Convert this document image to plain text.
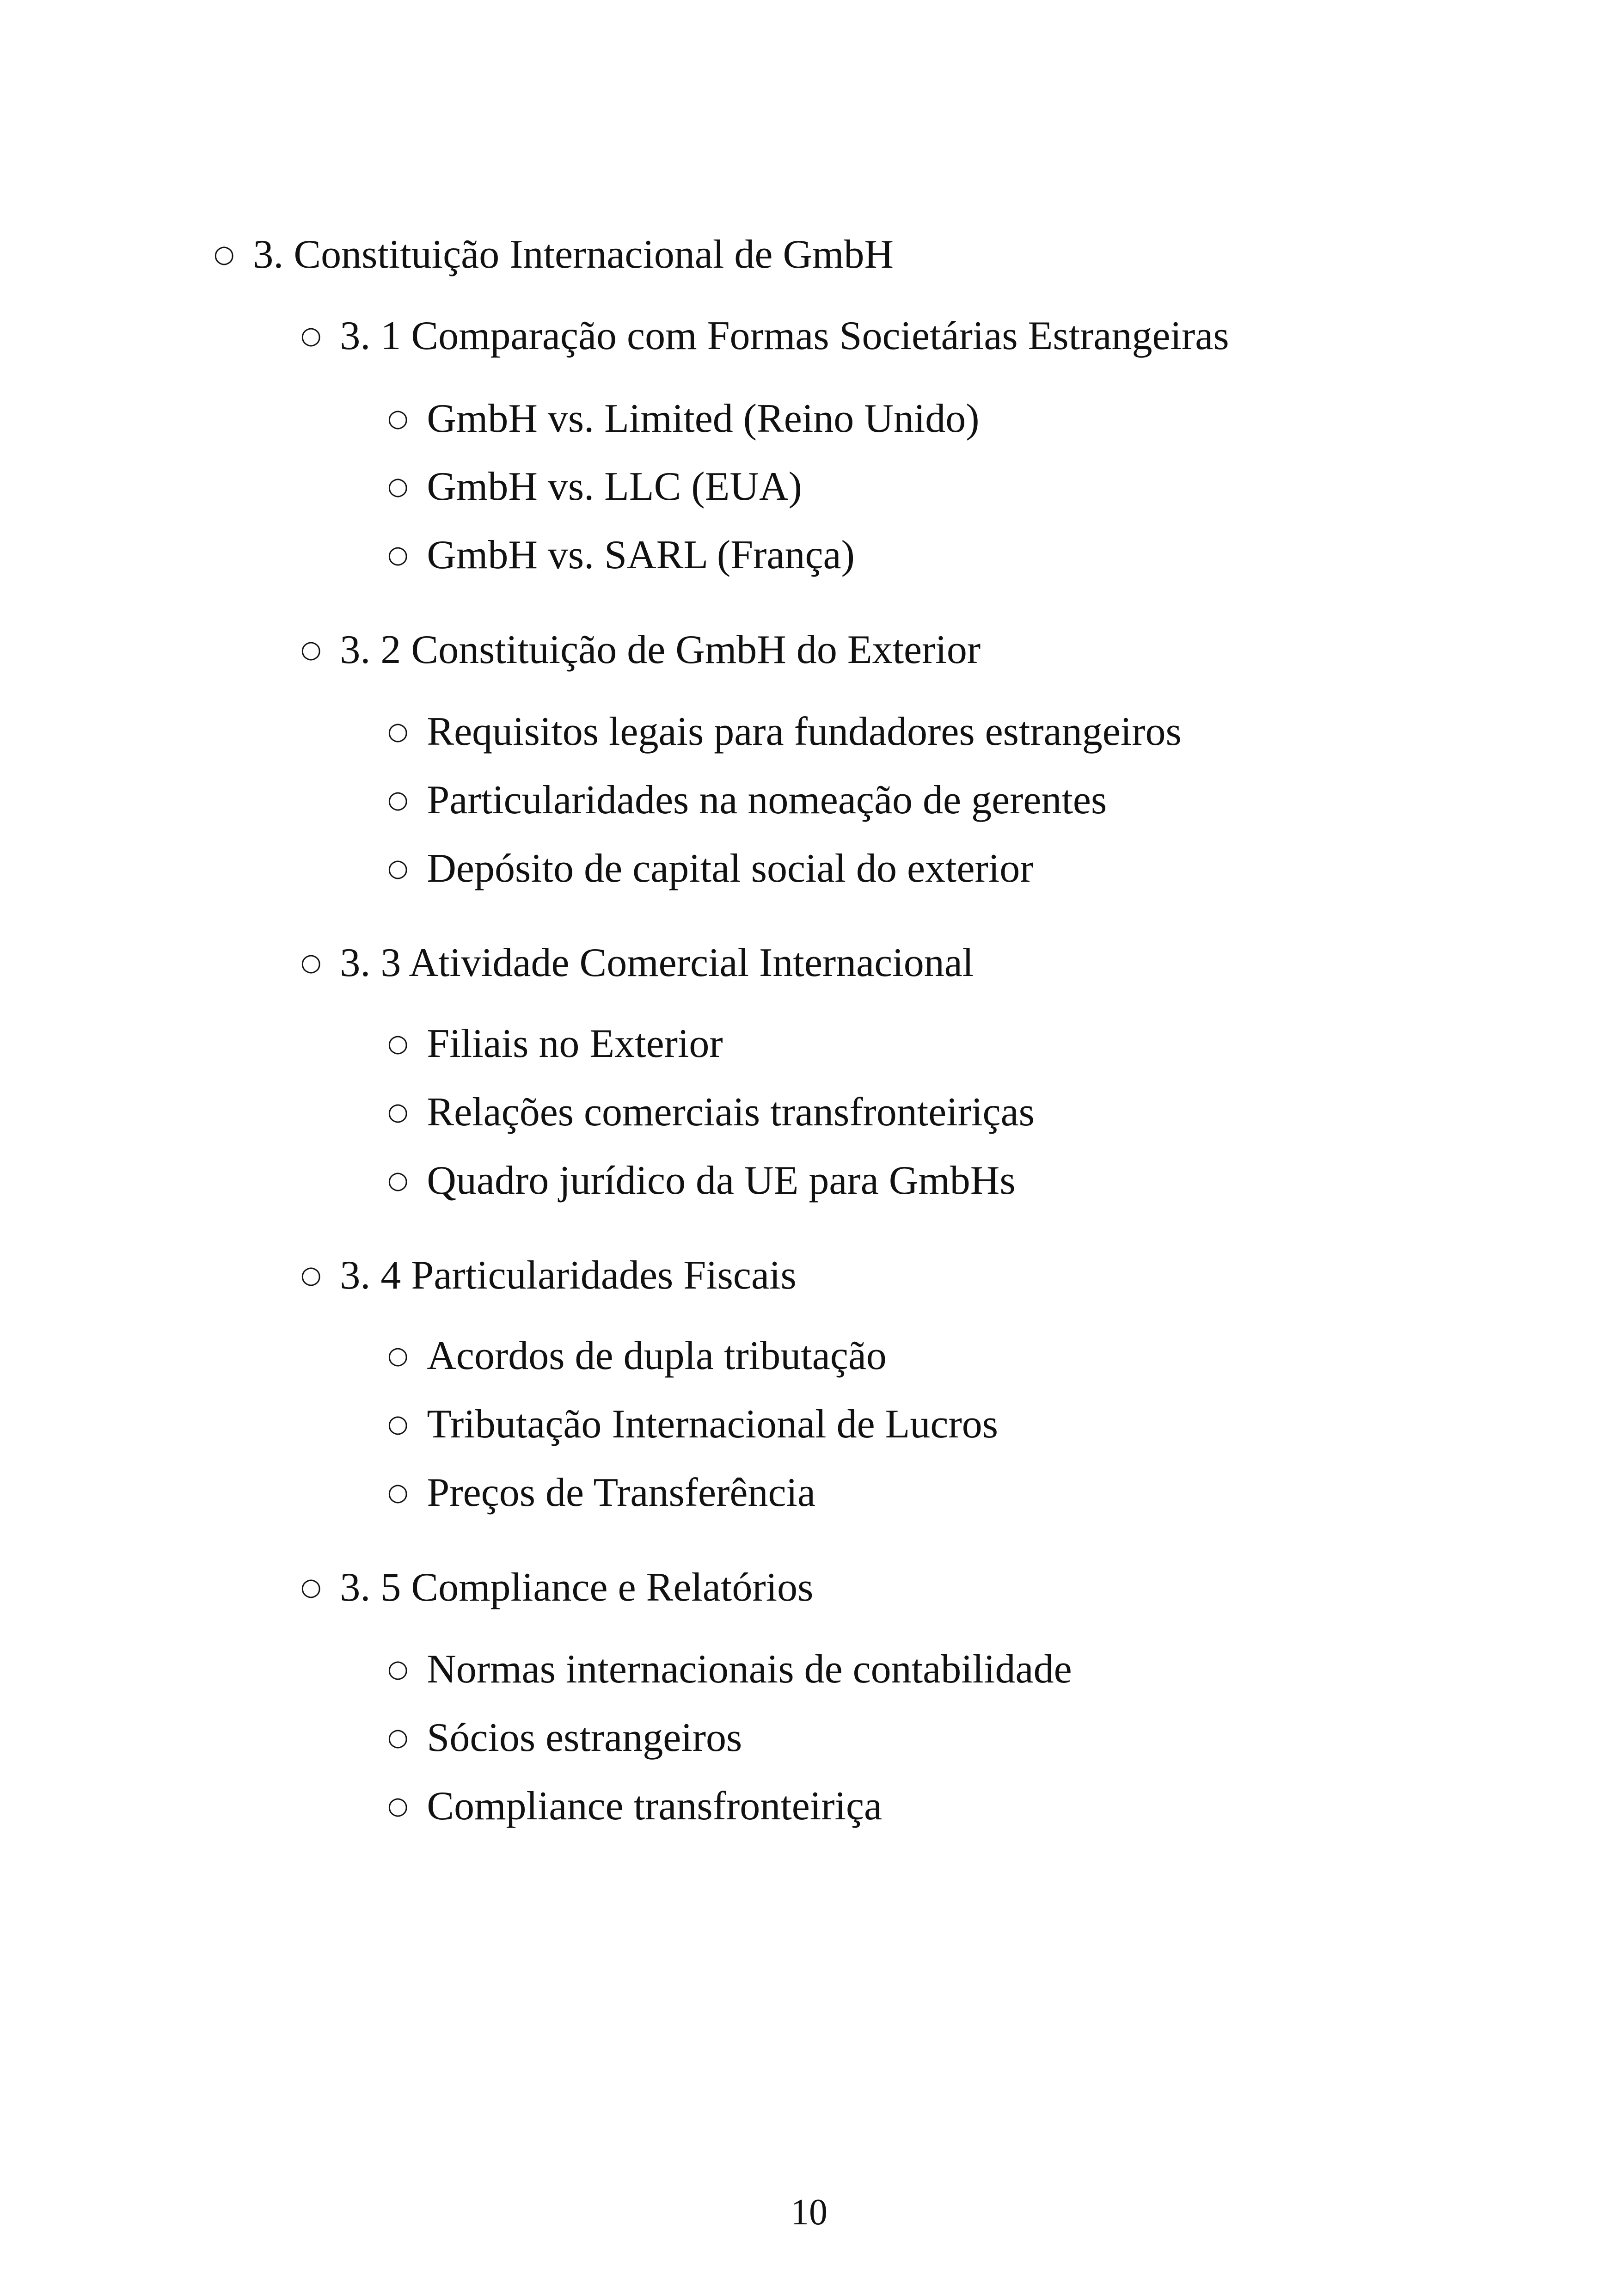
○ 3. Constituição Internacional de GmbH
○ 3. 1 Comparação com Formas Societárias Estrangeiras
○ GmbH vs. Limited (Reino Unido)
○ GmbH vs. LLC (EUA)
○ GmbH vs. SARL (França)
○ 3. 2 Constituição de GmbH do Exterior
○ Requisitos legais para fundadores estrangeiros
○ Particularidades na nomeação de gerentes
○ Depósito de capital social do exterior
○ 3. 3 Atividade Comercial Internacional
○ Filiais no Exterior
○ Relações comerciais transfronteiriças
○ Quadro jurídico da UE para GmbHs
○ 3. 4 Particularidades Fiscais
○ Acordos de dupla tributação
○ Tributação Internacional de Lucros
○ Preços de Transferência
○ 3. 5 Compliance e Relatórios
○ Normas internacionais de contabilidade
○ Sócios estrangeiros
○ Compliance transfronteiriça
10
